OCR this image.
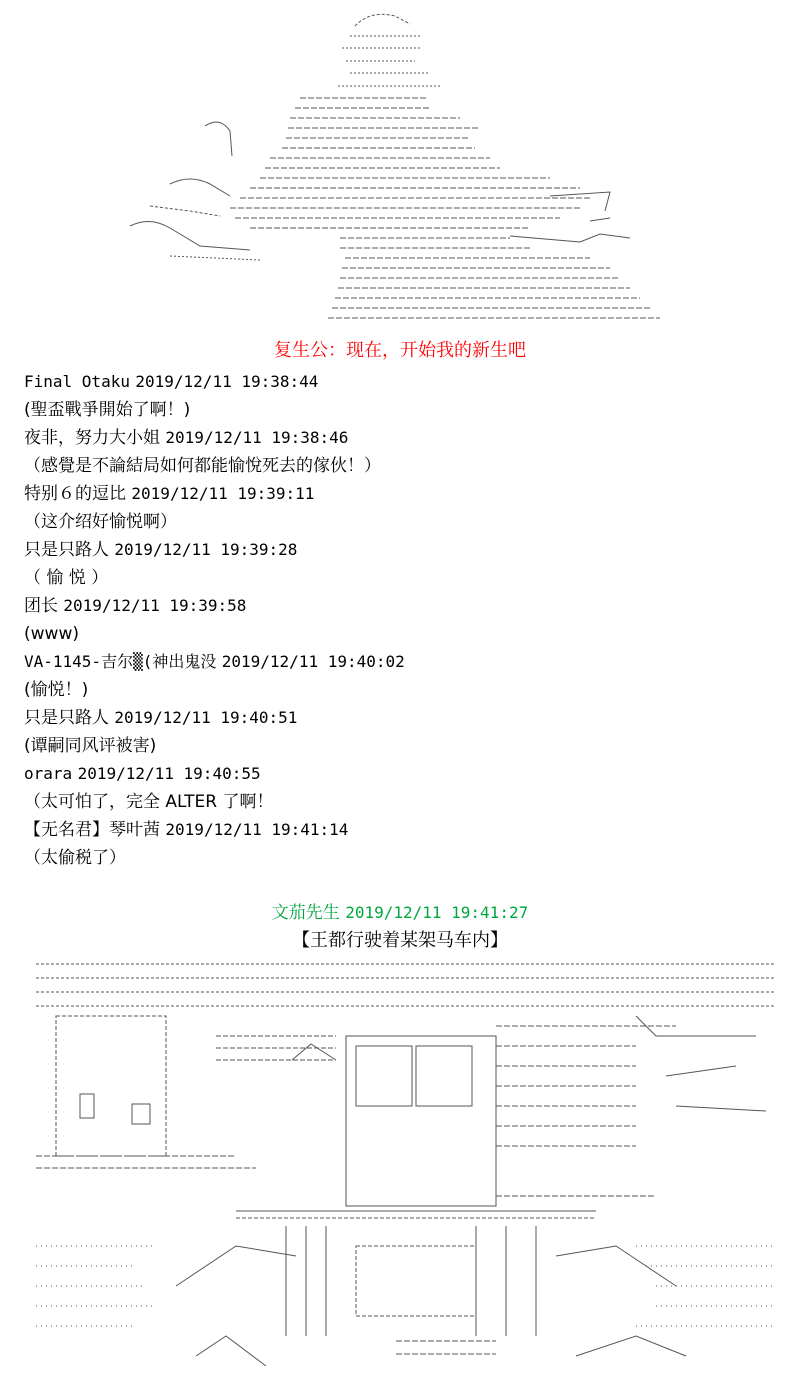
复生公：现在，开始我的新生吧
Final Otaku 2019/12/11 19:38:44
(聖盃戰爭開始了啊！)
夜非，努力大小姐 2019/12/11 19:38:46
（感覺是不論結局如何都能愉悅死去的傢伙！）
特别６的逗比 2019/12/11 19:39:11
（这介绍好愉悦啊）
只是只路人 2019/12/11 19:39:28
（ 愉 悦 ）
团长 2019/12/11 19:39:58
(www)
VA-1145-吉尔▒(神出鬼没 2019/12/11 19:40:02
(愉悦！)
只是只路人 2019/12/11 19:40:51
(谭嗣同风评被害)
orara 2019/12/11 19:40:55
（太可怕了，完全 ALTER 了啊！
【无名君】琴叶茜 2019/12/11 19:41:14
（太偷税了）
文茄先生 2019/12/11 19:41:27
【王都行驶着某架马车内】
